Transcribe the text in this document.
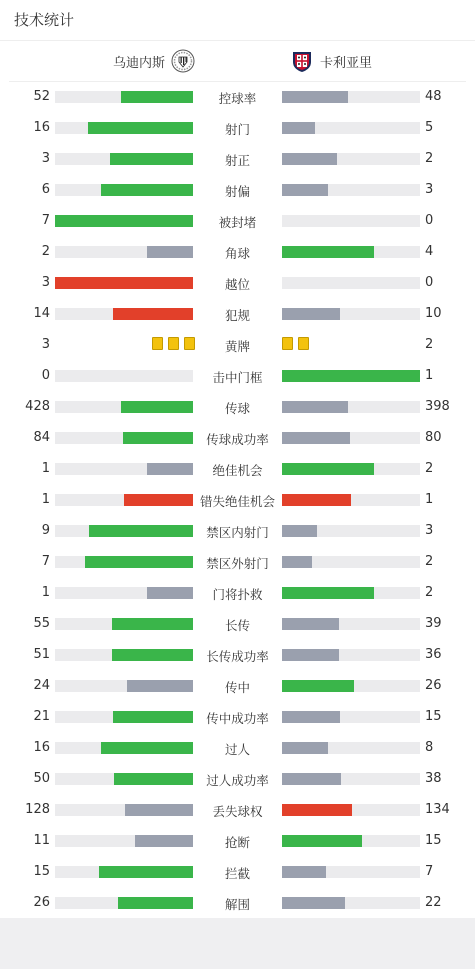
技术统计
乌迪内斯	卡利亚里
52	控球率	48
16	射门	5
3	射正	2
6	射偏	3
7	被封堵	0
2	角球	4
3	越位	0
14	犯规	10
3	黄牌	2
0	击中门框	1
428	传球	398
84	传球成功率	80
1	绝佳机会	2
1	错失绝佳机会	1
9	禁区内射门	3
7	禁区外射门	2
1	门将扑救	2
55	长传	39
51	长传成功率	36
24	传中	26
21	传中成功率	15
16	过人	8
50	过人成功率	38
128	丢失球权	134
11	抢断	15
15	拦截	7
26	解围	22
